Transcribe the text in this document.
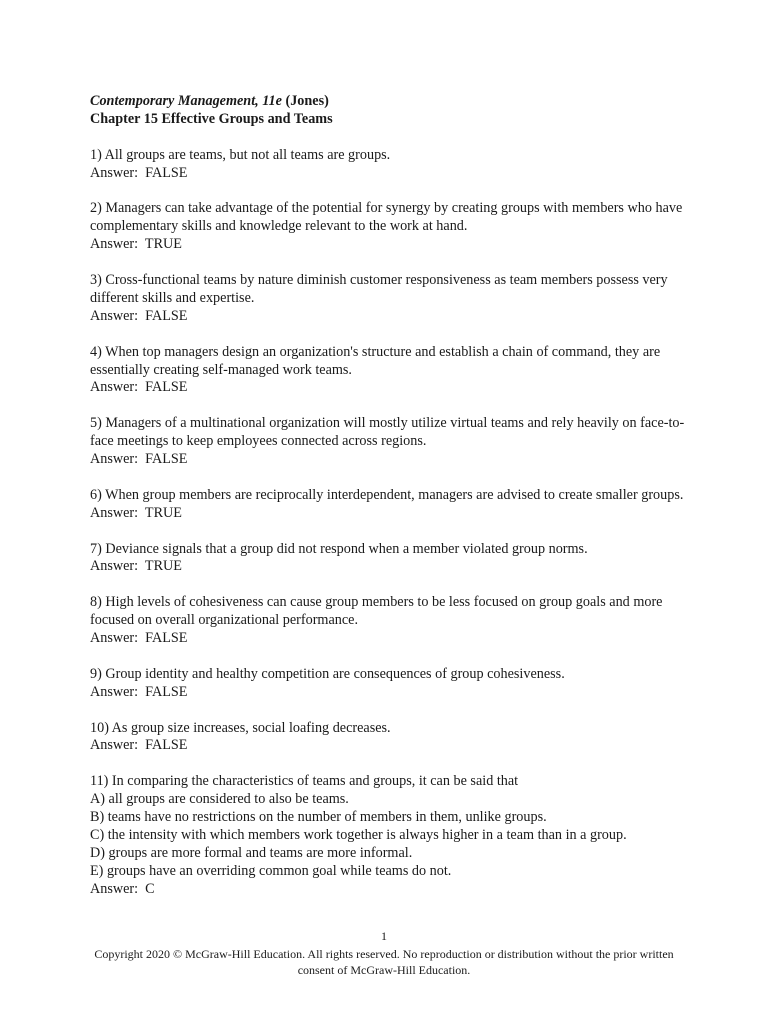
Contemporary Management, 11e (Jones)
Chapter 15 Effective Groups and Teams

1) All groups are teams, but not all teams are groups.

Answer:  FALSE

2) Managers can take advantage of the potential for synergy by creating groups with members who have complementary skills and knowledge relevant to the work at hand.

Answer:  TRUE

3) Cross-functional teams by nature diminish customer responsiveness as team members possess very different skills and expertise.

Answer:  FALSE

4) When top managers design an organization's structure and establish a chain of command, they are essentially creating self-managed work teams.

Answer:  FALSE

5) Managers of a multinational organization will mostly utilize virtual teams and rely heavily on face-to-face meetings to keep employees connected across regions.

Answer:  FALSE

6) When group members are reciprocally interdependent, managers are advised to create smaller groups.

Answer:  TRUE

7) Deviance signals that a group did not respond when a member violated group norms.

Answer:  TRUE

8) High levels of cohesiveness can cause group members to be less focused on group goals and more focused on overall organizational performance.

Answer:  FALSE

9) Group identity and healthy competition are consequences of group cohesiveness.

Answer:  FALSE

10) As group size increases, social loafing decreases.

Answer:  FALSE

11) In comparing the characteristics of teams and groups, it can be said that

A) all groups are considered to also be teams.
B) teams have no restrictions on the number of members in them, unlike groups.
C) the intensity with which members work together is always higher in a team than in a group.
D) groups are more formal and teams are more informal.
E) groups have an overriding common goal while teams do not.
Answer:  C
1
Copyright 2020 © McGraw-Hill Education. All rights reserved. No reproduction or distribution without the prior written consent of McGraw-Hill Education.
